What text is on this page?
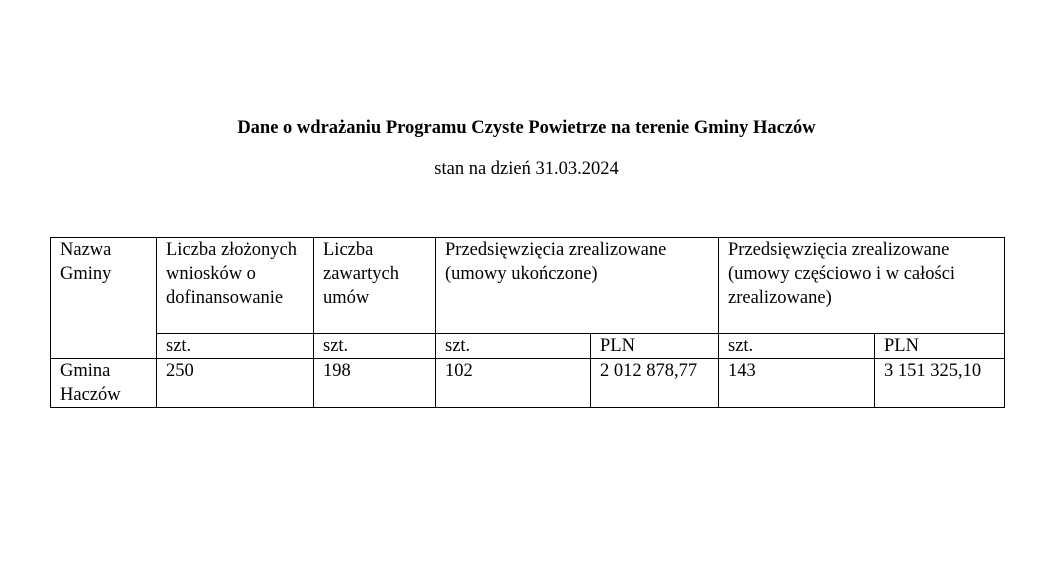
Dane o wdrażaniu Programu Czyste Powietrze na terenie Gminy Haczów

stan na dzień 31.03.2024

Nazwa Gminy	Liczba złożonych wniosków o dofinansowanie	Liczba zawartych umów	Przedsięwzięcia zrealizowane (umowy ukończone)		Przedsięwzięcia zrealizowane (umowy częściowo i w całości zrealizowane)	
	szt.	szt.	szt.	PLN	szt.	PLN
Gmina Haczów	250	198	102	2 012 878,77	143	3 151 325,10
